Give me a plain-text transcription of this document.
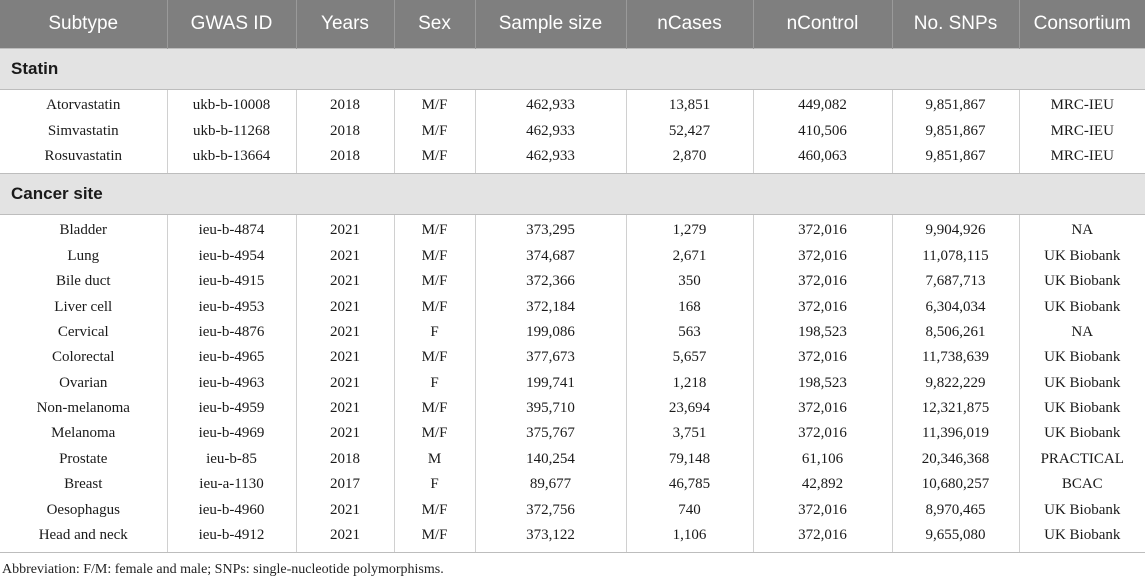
Subtype	GWAS ID	Years	Sex	Sample size	nCases	nControl	No. SNPs	Consortium
Statin								
Atorvastatin	ukb-b-10008	2018	M/F	462,933	13,851	449,082	9,851,867	MRC-IEU
Simvastatin	ukb-b-11268	2018	M/F	462,933	52,427	410,506	9,851,867	MRC-IEU
Rosuvastatin	ukb-b-13664	2018	M/F	462,933	2,870	460,063	9,851,867	MRC-IEU
Cancer site								
Bladder	ieu-b-4874	2021	M/F	373,295	1,279	372,016	9,904,926	NA
Lung	ieu-b-4954	2021	M/F	374,687	2,671	372,016	11,078,115	UK Biobank
Bile duct	ieu-b-4915	2021	M/F	372,366	350	372,016	7,687,713	UK Biobank
Liver cell	ieu-b-4953	2021	M/F	372,184	168	372,016	6,304,034	UK Biobank
Cervical	ieu-b-4876	2021	F	199,086	563	198,523	8,506,261	NA
Colorectal	ieu-b-4965	2021	M/F	377,673	5,657	372,016	11,738,639	UK Biobank
Ovarian	ieu-b-4963	2021	F	199,741	1,218	198,523	9,822,229	UK Biobank
Non-melanoma	ieu-b-4959	2021	M/F	395,710	23,694	372,016	12,321,875	UK Biobank
Melanoma	ieu-b-4969	2021	M/F	375,767	3,751	372,016	11,396,019	UK Biobank
Prostate	ieu-b-85	2018	M	140,254	79,148	61,106	20,346,368	PRACTICAL
Breast	ieu-a-1130	2017	F	89,677	46,785	42,892	10,680,257	BCAC
Oesophagus	ieu-b-4960	2021	M/F	372,756	740	372,016	8,970,465	UK Biobank
Head and neck	ieu-b-4912	2021	M/F	373,122	1,106	372,016	9,655,080	UK Biobank
Abbreviation: F/M: female and male; SNPs: single-nucleotide polymorphisms.
